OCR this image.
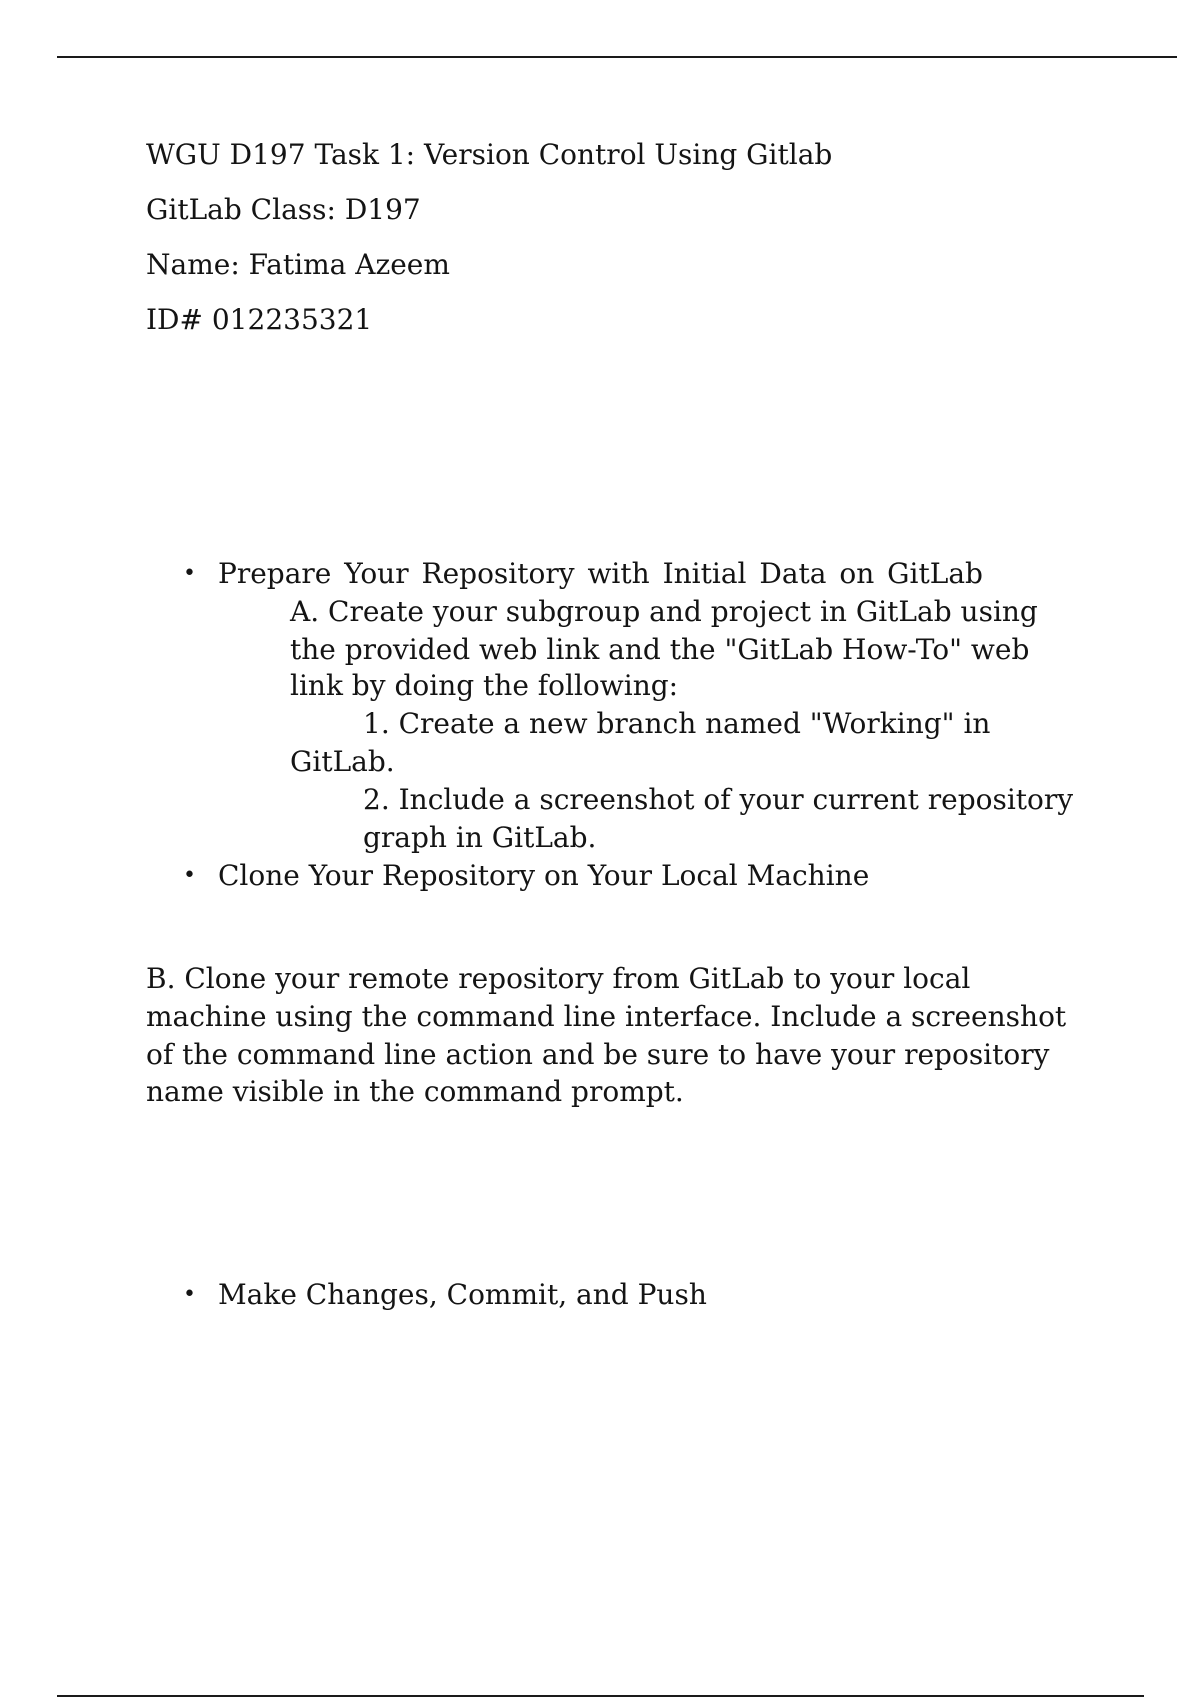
WGU D197 Task 1: Version Control Using Gitlab

GitLab Class: D197

Name: Fatima Azeem

ID# 012235321

• Prepare Your Repository with Initial Data on GitLab

A. Create your subgroup and project in GitLab using

the provided web link and the "GitLab How-To" web

link by doing the following:

1. Create a new branch named "Working" in

GitLab.

2. Include a screenshot of your current repository

graph in GitLab.

• Clone Your Repository on Your Local Machine

B. Clone your remote repository from GitLab to your local

machine using the command line interface. Include a screenshot

of the command line action and be sure to have your repository

name visible in the command prompt.

• Make Changes, Commit, and Push
